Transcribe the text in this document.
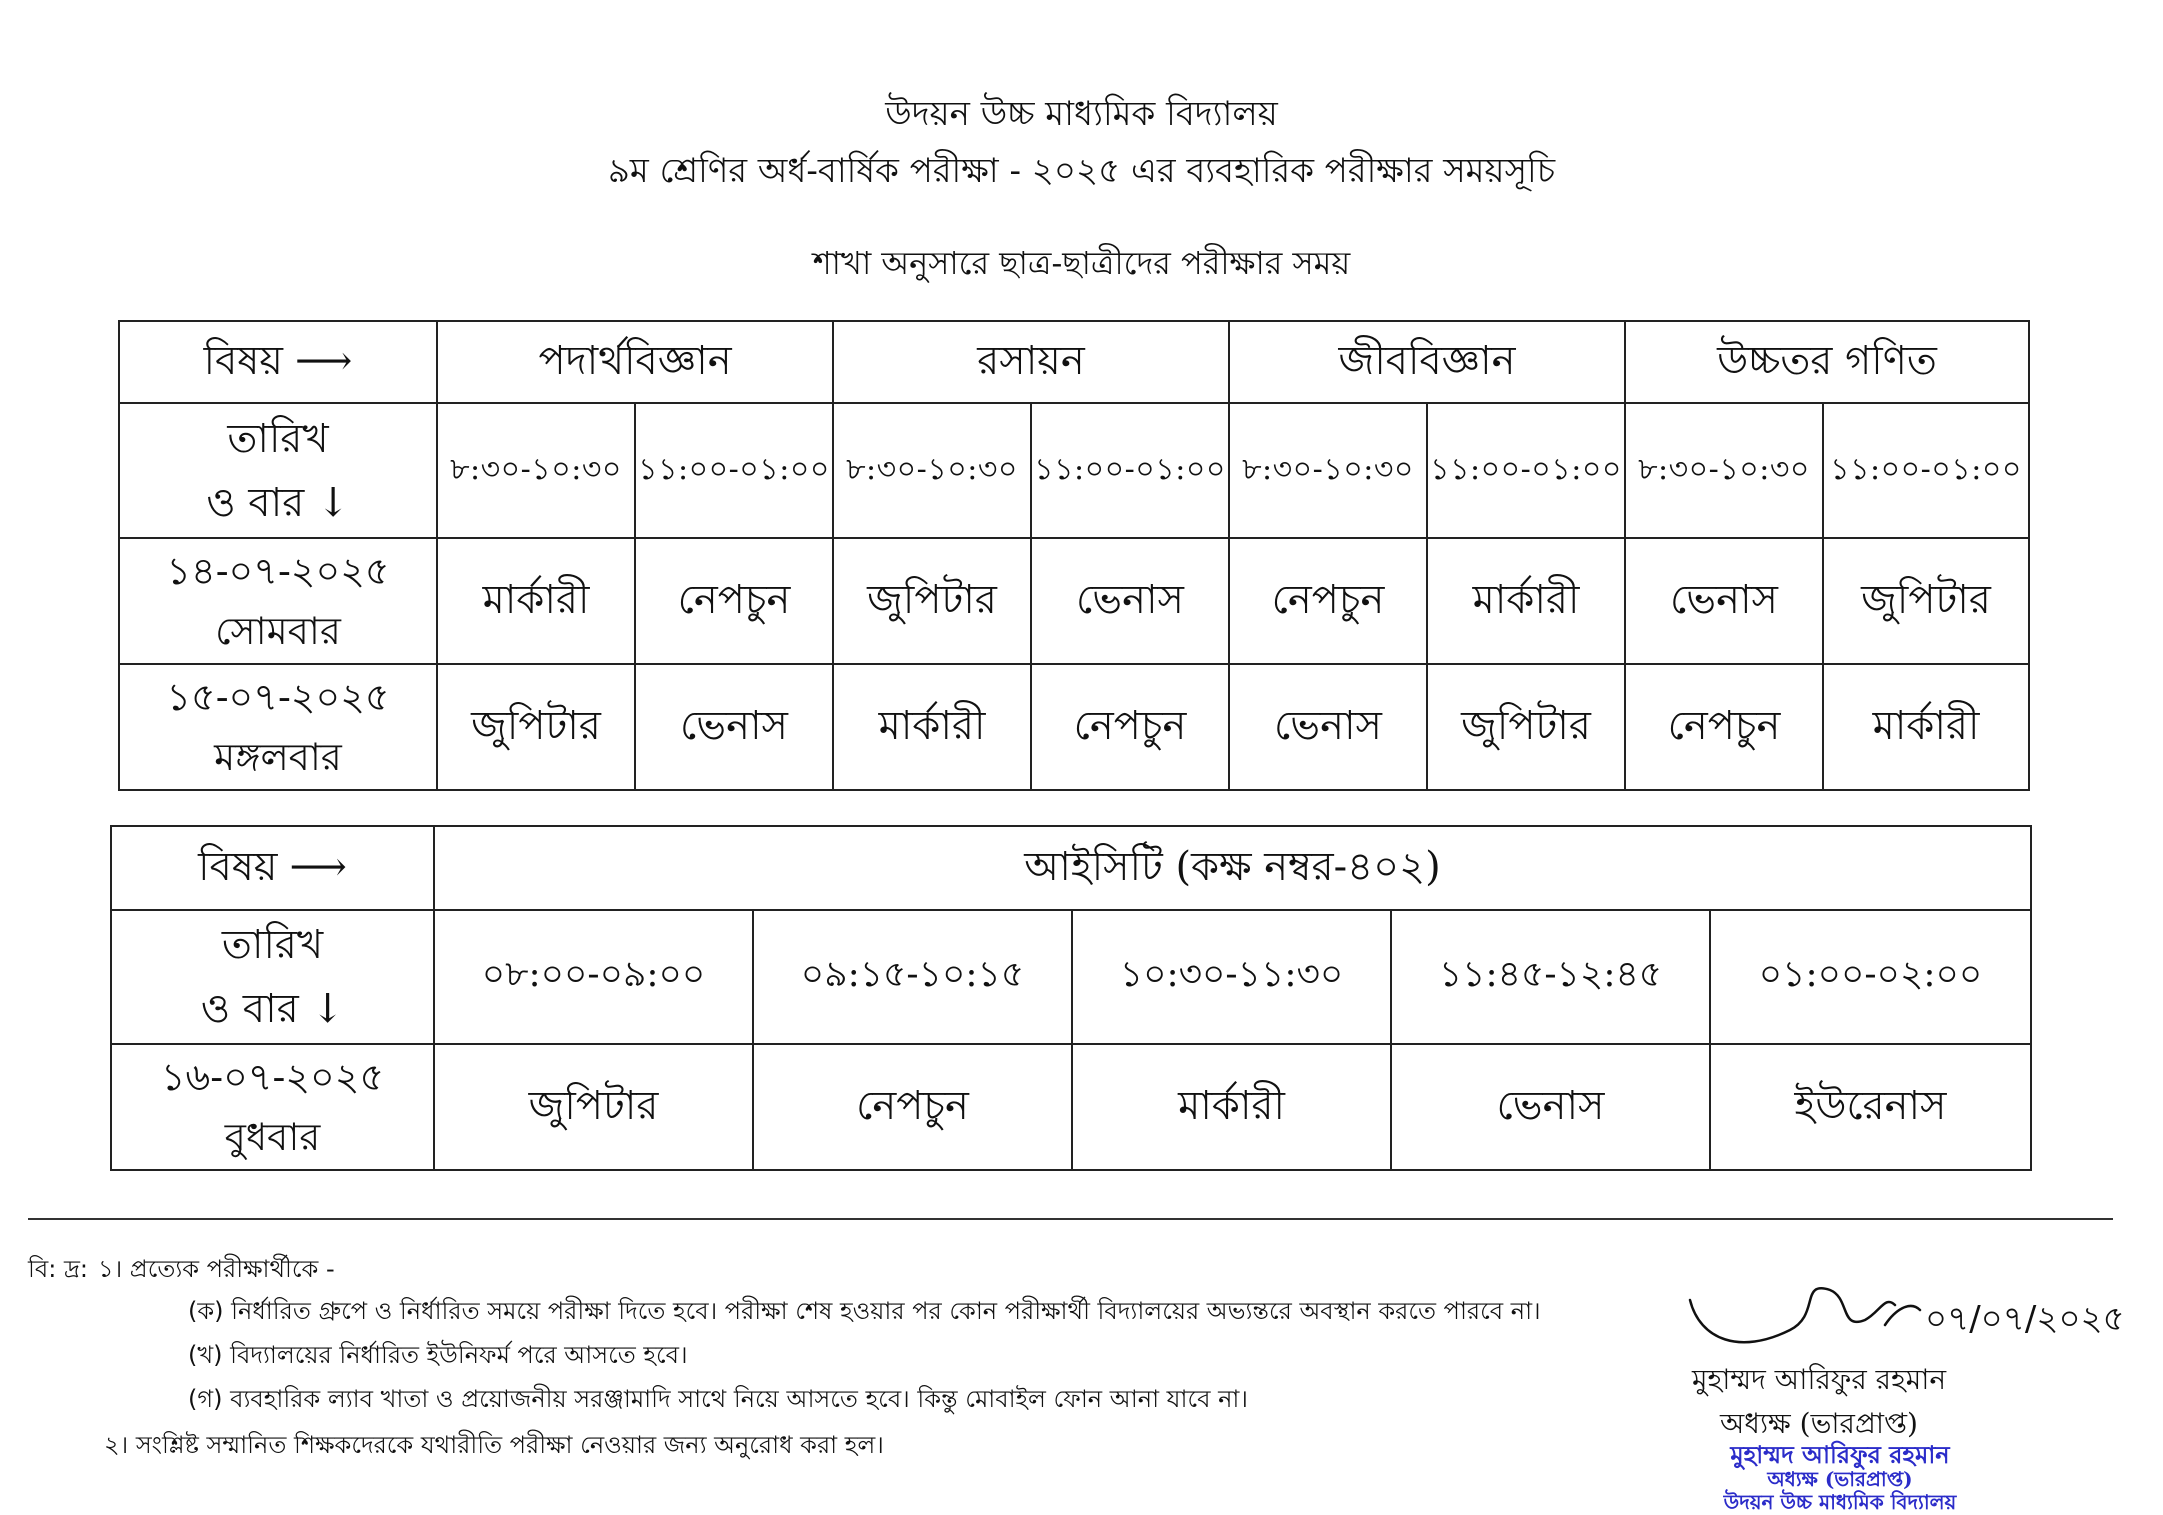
উদয়ন উচ্চ মাধ্যমিক বিদ্যালয়
৯ম শ্রেণির অর্ধ-বার্ষিক পরীক্ষা - ২০২৫ এর ব্যবহারিক পরীক্ষার সময়সূচি
শাখা অনুসারে ছাত্র-ছাত্রীদের পরীক্ষার সময়
বিষয় ⟶	পদার্থবিজ্ঞান		রসায়ন		জীববিজ্ঞান		উচ্চতর গণিত	

তারিখ
ও বার ↓	৮:৩০-১০:৩০	১১:০০-০১:০০	৮:৩০-১০:৩০	১১:০০-০১:০০	৮:৩০-১০:৩০	১১:০০-০১:০০	৮:৩০-১০:৩০	১১:০০-০১:০০

১৪-০৭-২০২৫
সোমবার	মার্কারী	নেপচুন	জুপিটার	ভেনাস	নেপচুন	মার্কারী	ভেনাস	জুপিটার

১৫-০৭-২০২৫
মঙ্গলবার	জুপিটার	ভেনাস	মার্কারী	নেপচুন	ভেনাস	জুপিটার	নেপচুন	মার্কারী
বিষয় ⟶	আইসিটি (কক্ষ নম্বর-৪০২)				

তারিখ
ও বার ↓	০৮:০০-০৯:০০	০৯:১৫-১০:১৫	১০:৩০-১১:৩০	১১:৪৫-১২:৪৫	০১:০০-০২:০০

১৬-০৭-২০২৫
বুধবার	জুপিটার	নেপচুন	মার্কারী	ভেনাস	ইউরেনাস
বি: দ্র: ১। প্রত্যেক পরীক্ষার্থীকে -
(ক) নির্ধারিত গ্রুপে ও নির্ধারিত সময়ে পরীক্ষা দিতে হবে। পরীক্ষা শেষ হওয়ার পর কোন পরীক্ষার্থী বিদ্যালয়ের অভ্যন্তরে অবস্থান করতে পারবে না।
(খ) বিদ্যালয়ের নির্ধারিত ইউনিফর্ম পরে আসতে হবে।
(গ) ব্যবহারিক ল্যাব খাতা ও প্রয়োজনীয় সরঞ্জামাদি সাথে নিয়ে আসতে হবে। কিন্তু মোবাইল ফোন আনা যাবে না।
২। সংশ্লিষ্ট সম্মানিত শিক্ষকদেরকে যথারীতি পরীক্ষা নেওয়ার জন্য অনুরোধ করা হল।
০৭/০৭/২০২৫
মুহাম্মদ আরিফুর রহমান
অধ্যক্ষ (ভারপ্রাপ্ত)
মুহাম্মদ আরিফুর রহমান
অধ্যক্ষ (ভারপ্রাপ্ত)
উদয়ন উচ্চ মাধ্যমিক বিদ্যালয়
